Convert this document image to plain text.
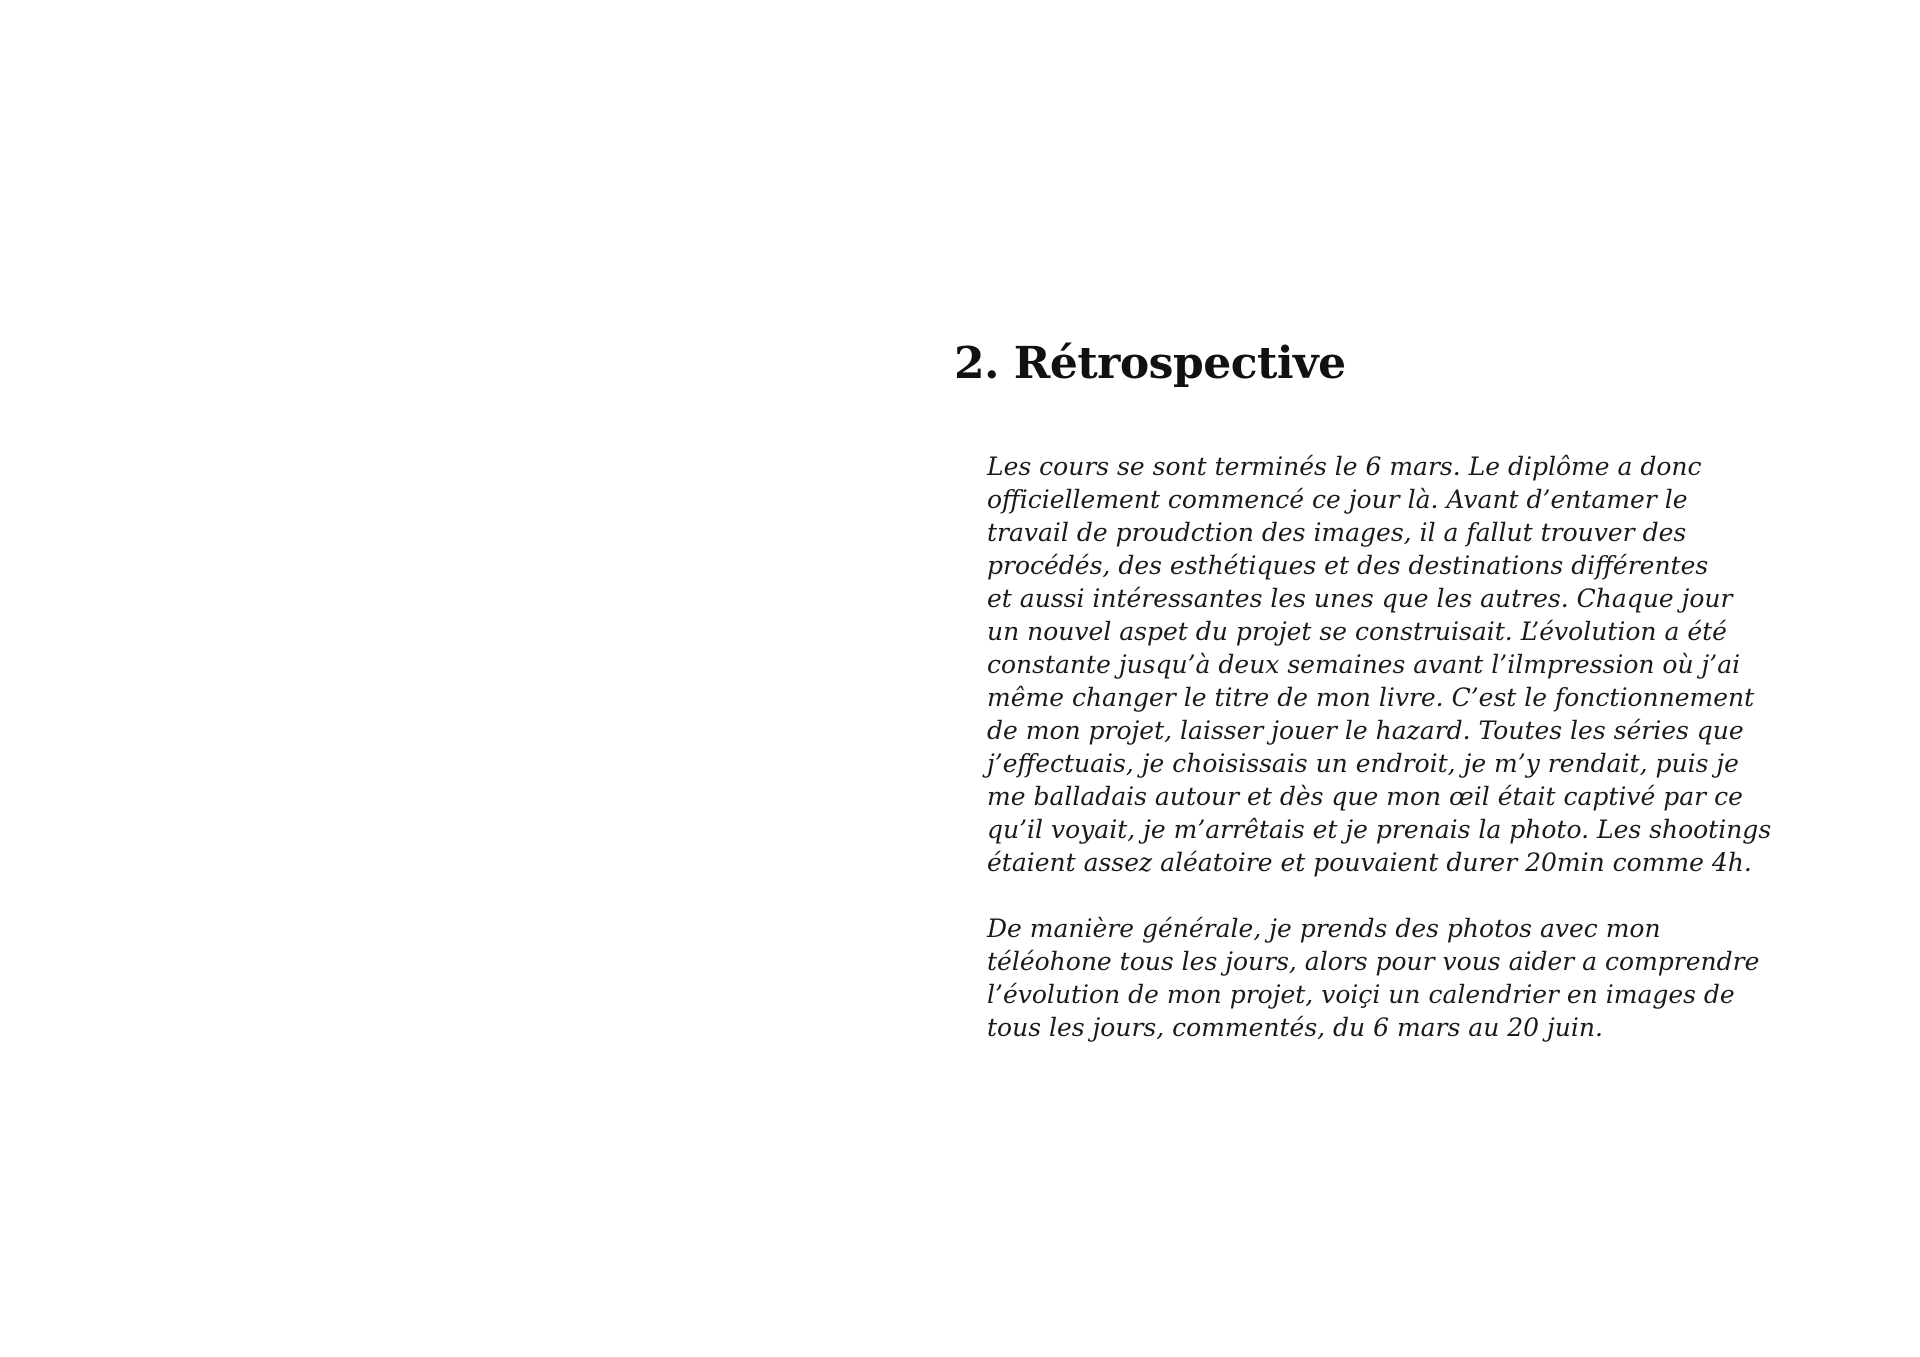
2. Rétrospective

Les cours se sont terminés le 6 mars. Le diplôme a donc
officiellement commencé ce jour là. Avant d’entamer le
travail de proudction des images, il a fallut trouver des
procédés, des esthétiques et des destinations différentes
et aussi intéressantes les unes que les autres. Chaque jour
un nouvel aspet du projet se construisait. L’évolution a été
constante jusqu’à deux semaines avant l’ilmpression où j’ai
même changer le titre de mon livre. C’est le fonctionnement
de mon projet, laisser jouer le hazard. Toutes les séries que
j’effectuais, je choisissais un endroit, je m’y rendait, puis je
me balladais autour et dès que mon œil était captivé par ce
qu’il voyait, je m’arrêtais et je prenais la photo. Les shootings
étaient assez aléatoire et pouvaient durer 20min comme 4h.

De manière générale, je prends des photos avec mon
téléohone tous les jours, alors pour vous aider a comprendre
l’évolution de mon projet, voiçi un calendrier en images de
tous les jours, commentés, du 6 mars au 20 juin.
